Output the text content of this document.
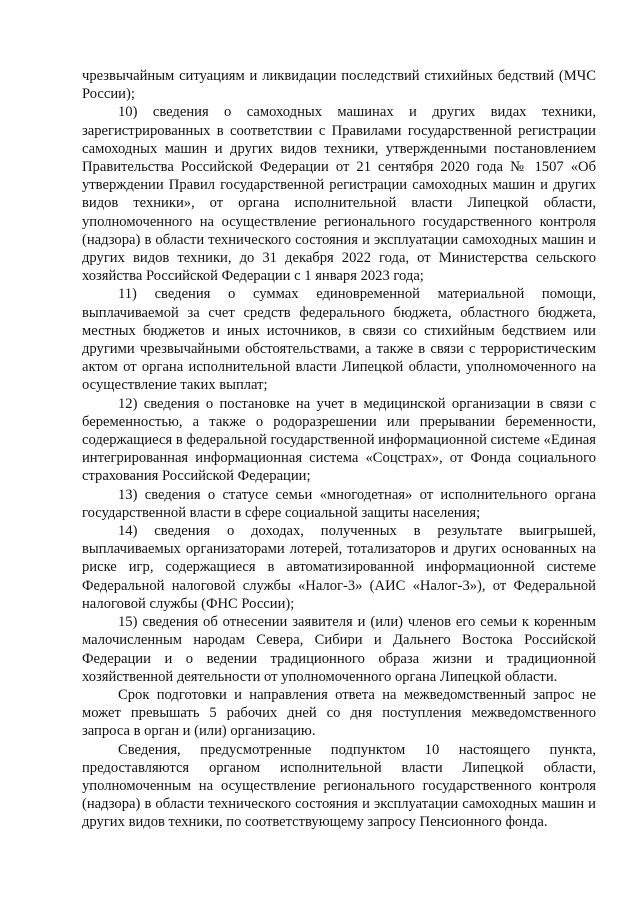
чрезвычайным ситуациям и ликвидации последствий стихийных бедствий (МЧС России);

10) сведения о самоходных машинах и других видах техники, зарегистрированных в соответствии с Правилами государственной регистрации самоходных машин и других видов техники, утвержденными постановлением Правительства Российской Федерации от 21 сентября 2020 года № 1507 «Об утверждении Правил государственной регистрации самоходных машин и других видов техники», от органа исполнительной власти Липецкой области, уполномоченного на осуществление регионального государственного контроля (надзора) в области технического состояния и эксплуатации самоходных машин и других видов техники, до 31 декабря 2022 года, от Министерства сельского хозяйства Российской Федерации с 1 января 2023 года;

11) сведения о суммах единовременной материальной помощи, выплачиваемой за счет средств федерального бюджета, областного бюджета, местных бюджетов и иных источников, в связи со стихийным бедствием или другими чрезвычайными обстоятельствами, а также в связи с террористическим актом от органа исполнительной власти Липецкой области, уполномоченного на осуществление таких выплат;

12) сведения о постановке на учет в медицинской организации в связи с беременностью, а также о родоразрешении или прерывании беременности, содержащиеся в федеральной государственной информационной системе «Единая интегрированная информационная система «Соцстрах», от Фонда социального страхования Российской Федерации;

13) сведения о статусе семьи «многодетная» от исполнительного органа государственной власти в сфере социальной защиты населения;

14) сведения о доходах, полученных в результате выигрышей, выплачиваемых организаторами лотерей, тотализаторов и других основанных на риске игр, содержащиеся в автоматизированной информационной системе Федеральной налоговой службы «Налог-3» (АИС «Налог-3»), от Федеральной налоговой службы (ФНС России);

15) сведения об отнесении заявителя и (или) членов его семьи к коренным малочисленным народам Севера, Сибири и Дальнего Востока Российской Федерации и о ведении традиционного образа жизни и традиционной хозяйственной деятельности от уполномоченного органа Липецкой области.

Срок подготовки и направления ответа на межведомственный запрос не может превышать 5 рабочих дней со дня поступления межведомственного запроса в орган и (или) организацию.

Сведения, предусмотренные подпунктом 10 настоящего пункта, предоставляются органом исполнительной власти Липецкой области, уполномоченным на осуществление регионального государственного контроля (надзора) в области технического состояния и эксплуатации самоходных машин и других видов техники, по соответствующему запросу Пенсионного фонда.
